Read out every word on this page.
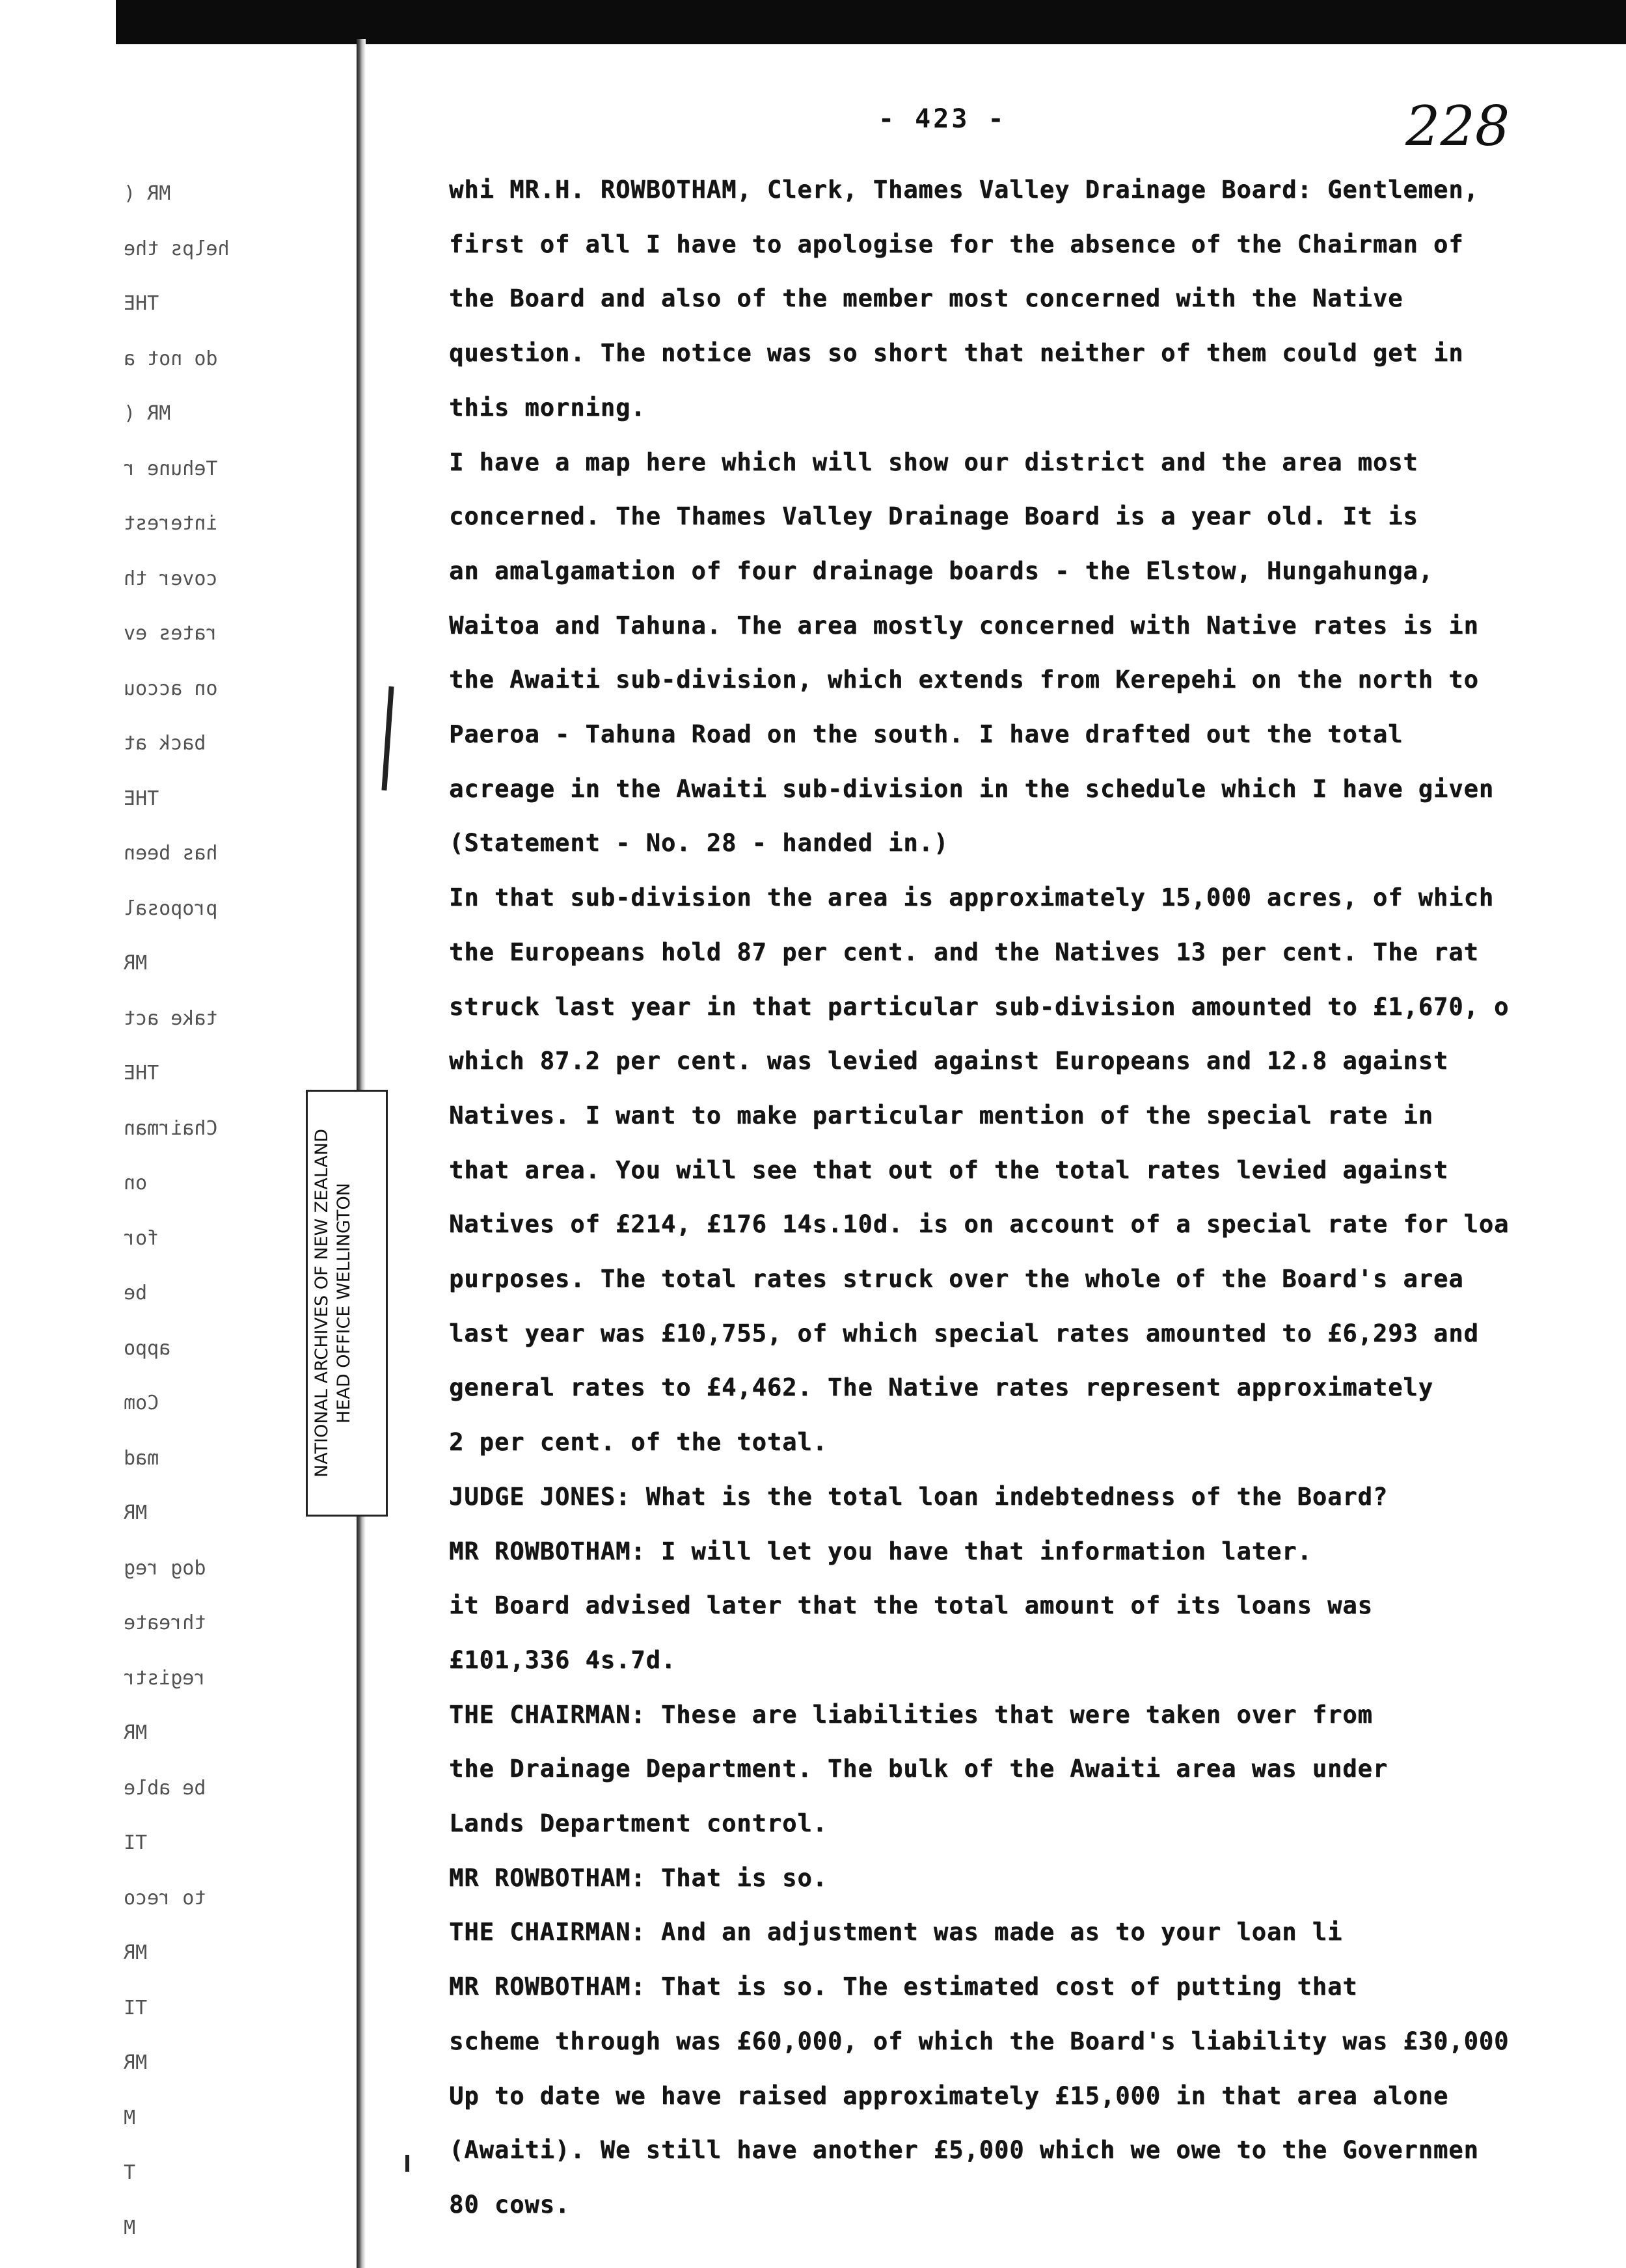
MR (
helps the
THE
do not a
MR (
Tehune r
interest
cover th
rates ev
on accou
back at
THE
has been
proposal
MR
take act
THE
Chairman
on
for
be
appo
Com
mad
MR
dog reg
threate
registr
MR
be able
TI
to reco
MR
TI
MR
M
T
M
- 423 -	228
NATIONAL ARCHIVES OF NEW ZEALAND HEAD OFFICE WELLINGTON
whi MR.H. ROWBOTHAM, Clerk, Thames Valley Drainage Board: Gentlemen,
first of all I have to apologise for the absence of the Chairman of
the Board and also of the member most concerned with the Native
question. The notice was so short that neither of them could get in
this morning.
I have a map here which will show our district and the area most
concerned. The Thames Valley Drainage Board is a year old. It is
an amalgamation of four drainage boards - the Elstow, Hungahunga,
Waitoa and Tahuna. The area mostly concerned with Native rates is in
the Awaiti sub-division, which extends from Kerepehi on the north to
Paeroa - Tahuna Road on the south. I have drafted out the total
acreage in the Awaiti sub-division in the schedule which I have given
(Statement - No. 28 - handed in.)
In that sub-division the area is approximately 15,000 acres, of which
the Europeans hold 87 per cent. and the Natives 13 per cent. The rat
struck last year in that particular sub-division amounted to £1,670, o
which 87.2 per cent. was levied against Europeans and 12.8 against
Natives. I want to make particular mention of the special rate in
that area. You will see that out of the total rates levied against
Natives of £214, £176 14s.10d. is on account of a special rate for loa
purposes. The total rates struck over the whole of the Board's area
last year was £10,755, of which special rates amounted to £6,293 and
general rates to £4,462. The Native rates represent approximately
2 per cent. of the total.
JUDGE JONES: What is the total loan indebtedness of the Board?
MR ROWBOTHAM: I will let you have that information later.
it Board advised later that the total amount of its loans was
£101,336 4s.7d.
THE CHAIRMAN: These are liabilities that were taken over from
the Drainage Department. The bulk of the Awaiti area was under
Lands Department control.
MR ROWBOTHAM: That is so.
THE CHAIRMAN: And an adjustment was made as to your loan li
MR ROWBOTHAM: That is so. The estimated cost of putting that
scheme through was £60,000, of which the Board's liability was £30,000
Up to date we have raised approximately £15,000 in that area alone
(Awaiti). We still have another £5,000 which we owe to the Governmen
80 cows.
